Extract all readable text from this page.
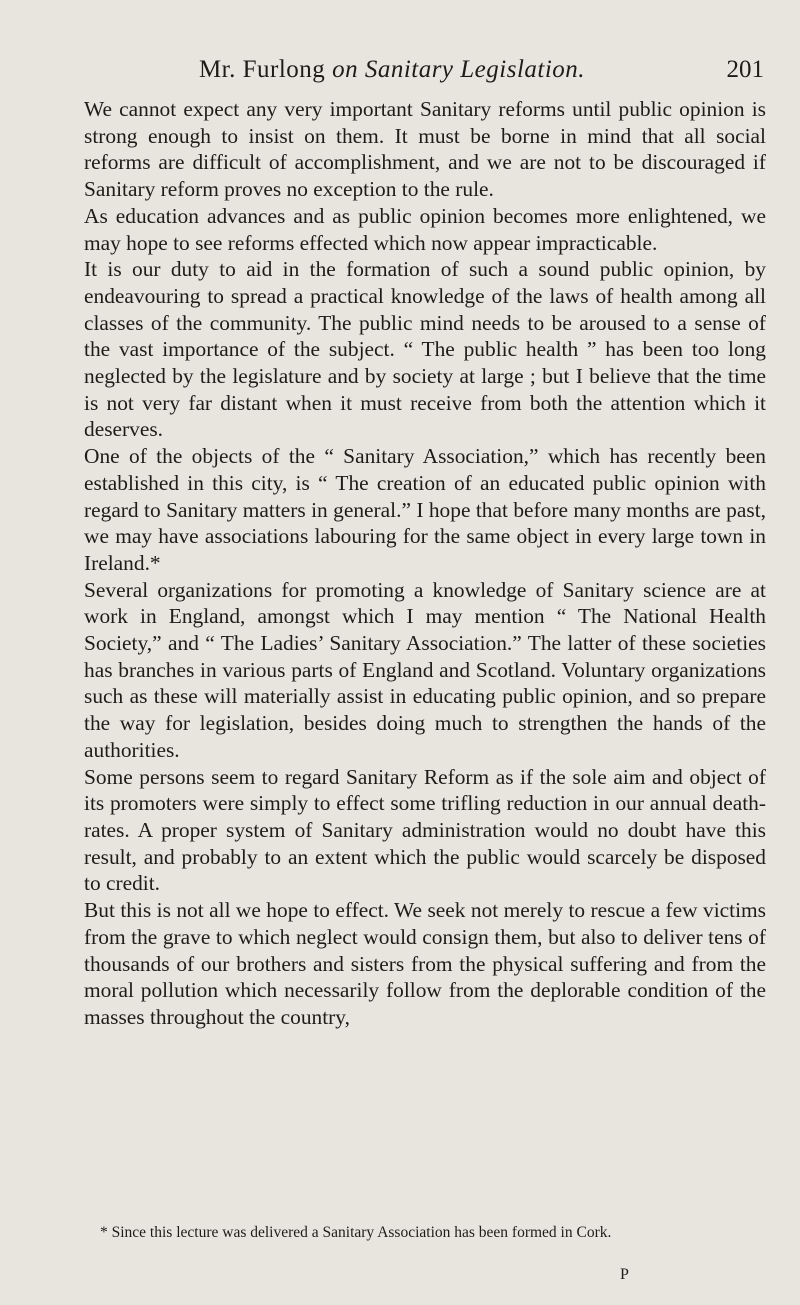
Mr. Furlong on Sanitary Legislation.	201

We cannot expect any very important Sanitary reforms until public opinion is strong enough to insist on them. It must be borne in mind that all social reforms are difficult of accomplishment, and we are not to be discouraged if Sanitary reform proves no exception to the rule.

As education advances and as public opinion becomes more enlightened, we may hope to see reforms effected which now appear impracticable.

It is our duty to aid in the formation of such a sound public opinion, by endeavouring to spread a practical knowledge of the laws of health among all classes of the community. The public mind needs to be aroused to a sense of the vast importance of the subject. “ The public health ” has been too long neglected by the legislature and by society at large ; but I believe that the time is not very far distant when it must receive from both the attention which it deserves.

One of the objects of the “ Sanitary Association,” which has recently been established in this city, is “ The creation of an educated public opinion with regard to Sanitary matters in general.” I hope that before many months are past, we may have associations labouring for the same object in every large town in Ireland.*

Several organizations for promoting a knowledge of Sanitary science are at work in England, amongst which I may mention “ The National Health Society,” and “ The Ladies’ Sanitary Association.” The latter of these societies has branches in various parts of England and Scotland. Voluntary organizations such as these will materially assist in educating public opinion, and so prepare the way for legislation, besides doing much to strengthen the hands of the authorities.

Some persons seem to regard Sanitary Reform as if the sole aim and object of its promoters were simply to effect some trifling reduction in our annual death-rates. A proper system of Sanitary administration would no doubt have this result, and probably to an extent which the public would scarcely be disposed to credit.

But this is not all we hope to effect. We seek not merely to rescue a few victims from the grave to which neglect would consign them, but also to deliver tens of thousands of our brothers and sisters from the physical suffering and from the moral pollution which necessarily follow from the deplorable condition of the masses throughout the country,

* Since this lecture was delivered a Sanitary Association has been formed in Cork.
P
